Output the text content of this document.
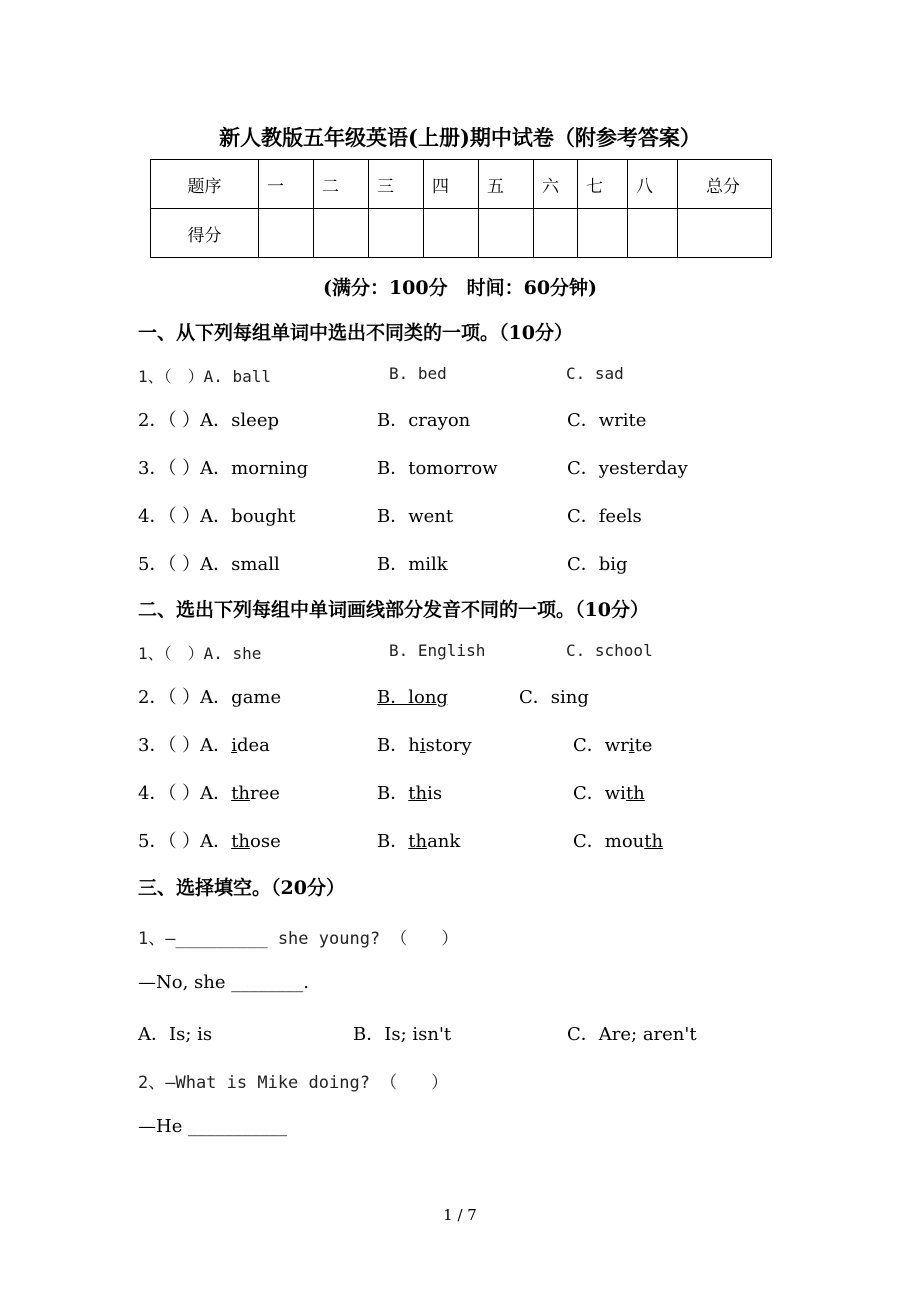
新人教版五年级英语(上册)期中试卷（附参考答案）
题序	一	二	三	四	五	六	七	八	总分
得分									
(满分：100分　时间：60分钟)
一、从下列每组单词中选出不同类的一项。（10分）
1、（　）A. ball	B. bed	C. sad
2．（ ）A．sleep	B．crayon	C．write
3．（ ）A．morning	B．tomorrow	C．yesterday
4．（ ）A．bought	B．went	C．feels
5．（ ）A．small	B．milk	C．big
二、选出下列每组中单词画线部分发音不同的一项。（10分）
1、（　）A. she	B. English	C. school
2．（ ）A．game	B．long	C．sing
3．（ ）A．idea	B．history	C．write
4．（ ）A．three	B．this	C．with
5．（ ）A．those	B．thank	C．mouth
三、选择填空。（20分）
1、—_________ she young? （　　）
—No, she ________.
A．Is; is	B．Is; isn't	C．Are; aren't
2、—What is Mike doing? （　　）
—He ___________
1 / 7
